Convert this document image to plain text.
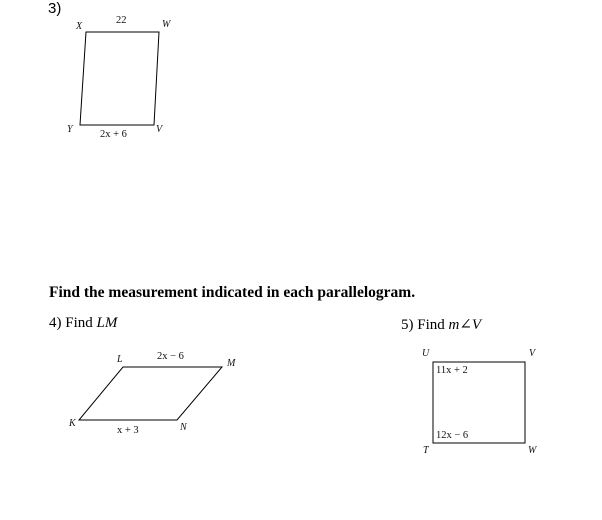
3)
X	W
Y	V
22
2x + 6
Find the measurement indicated in each parallelogram.
4) Find LM
L	M
K	N
2x − 6
x + 3
5) Find m∠V
U	V
T	W
11x + 2
12x − 6
